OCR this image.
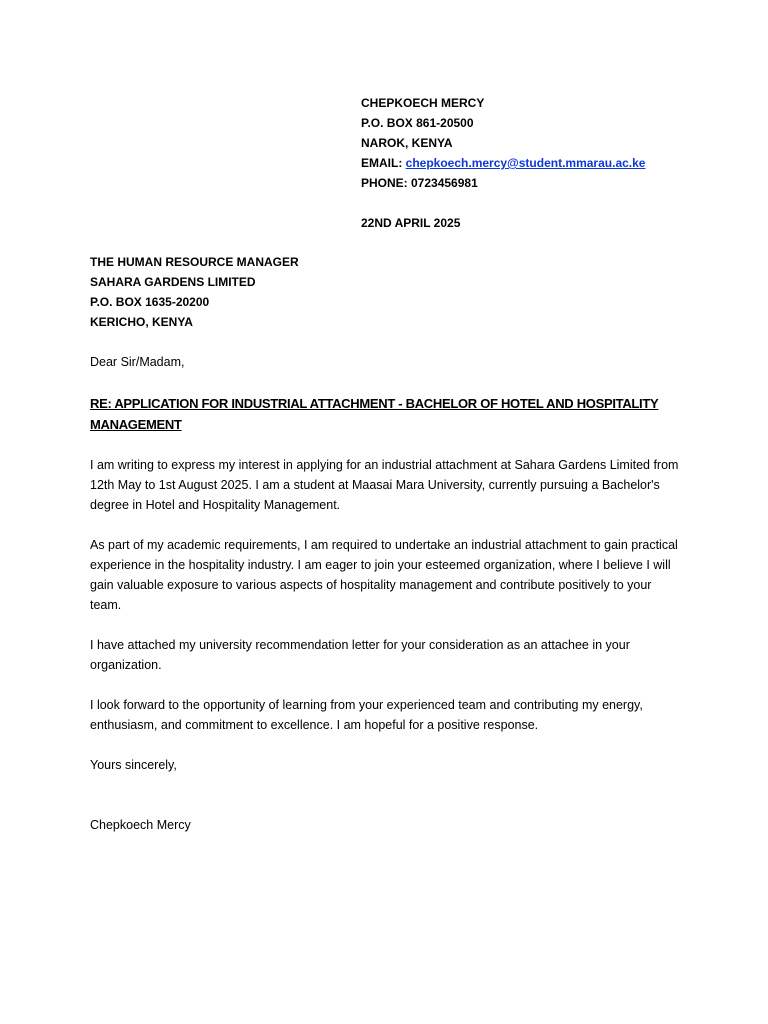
CHEPKOECH MERCY
P.O. BOX 861-20500
NAROK, KENYA
EMAIL: chepkoech.mercy@student.mmarau.ac.ke
PHONE: 0723456981
22ND APRIL 2025
THE HUMAN RESOURCE MANAGER
SAHARA GARDENS LIMITED
P.O. BOX 1635-20200
KERICHO, KENYA
Dear Sir/Madam,
RE: APPLICATION FOR INDUSTRIAL ATTACHMENT - BACHELOR OF HOTEL AND HOSPITALITY MANAGEMENT

I am writing to express my interest in applying for an industrial attachment at Sahara Gardens Limited from 12th May to 1st August 2025. I am a student at Maasai Mara University, currently pursuing a Bachelor's degree in Hotel and Hospitality Management.

As part of my academic requirements, I am required to undertake an industrial attachment to gain practical experience in the hospitality industry. I am eager to join your esteemed organization, where I believe I will gain valuable exposure to various aspects of hospitality management and contribute positively to your team.

I have attached my university recommendation letter for your consideration as an attachee in your organization.

I look forward to the opportunity of learning from your experienced team and contributing my energy, enthusiasm, and commitment to excellence. I am hopeful for a positive response.

Yours sincerely,
Chepkoech Mercy
